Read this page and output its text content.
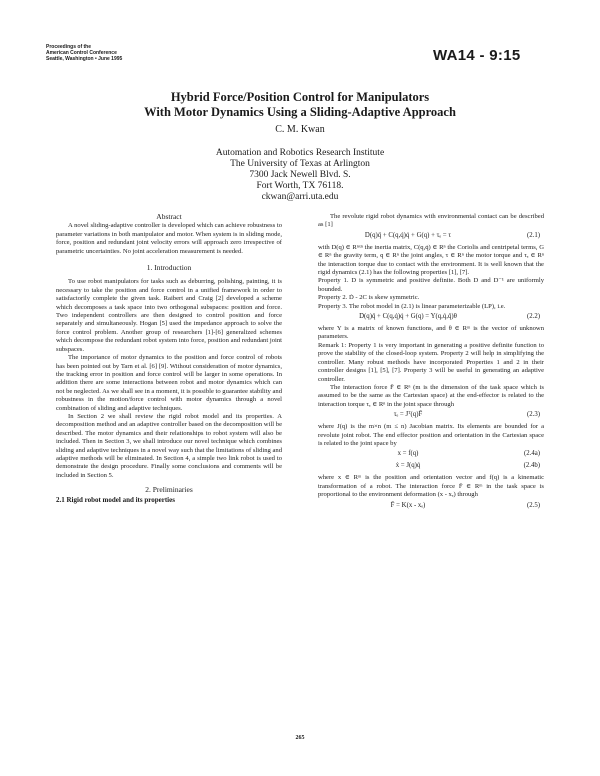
Proceedings of the
American Control Conference
Seattle, Washington • June 1995	WA14 - 9:15
Hybrid Force/Position Control for Manipulators
With Motor Dynamics Using a Sliding-Adaptive Approach
C. M. Kwan
Automation and Robotics Research Institute
The University of Texas at Arlington
7300 Jack Newell Blvd. S.
Fort Worth, TX 76118.
ckwan@arri.uta.edu
Abstract

A novel sliding-adaptive controller is developed which can achieve robustness to parameter variations in both manipulator and motor. When system is in sliding mode, force, position and redundant joint velocity errors will approach zero irrespective of parametric uncertainties. No joint acceleration measurement is needed.

1. Introduction

To use robot manipulators for tasks such as deburring, polishing, painting, it is necessary to take the position and force control in a unified framework in order to satisfactorily complete the given task. Raibert and Craig [2] developed a scheme which decomposes a task space into two orthogonal subspaces: position and force. Two independent controllers are then designed to control position and force separately and simultaneously. Hogan [5] used the impedance approach to solve the force control problem. Another group of researchers [1]-[6] generalized schemes which decompose the redundant robot system into force, position and redundant joint subspaces.

The importance of motor dynamics to the position and force control of robots has been pointed out by Tarn et al. [6] [9]. Without consideration of motor dynamics, the tracking error in position and force control will be larger in some operations. In addition there are some interactions between robot and motor dynamics which can not be neglected. As we shall see in a moment, it is possible to guarantee stability and robustness in the motion/force control with motor dynamics through a novel combination of sliding and adaptive techniques.

In Section 2 we shall review the rigid robot model and its properties. A decomposition method and an adaptive controller based on the decomposition will be described. The motor dynamics and their relationships to robot system will also be included. Then in Section 3, we shall introduce our novel technique which combines sliding and adaptive techniques in a novel way such that the limitations of sliding and adaptive methods will be eliminated. In Section 4, a simple two link robot is used to demonstrate the design procedure. Finally some conclusions and comments will be included in Section 5.

2. Preliminaries
2.1 Rigid robot model and its properties

The revolute rigid robot dynamics with environmental contact can be described as [1]

D(q)q̈ + C(q,q̇)q̇ + G(q) + τₑ = τ	(2.1)

with D(q) ∈ Rⁿˣⁿ the inertia matrix, C(q,q̇) ∈ Rⁿ the Coriolis and centripetal terms, G ∈ Rⁿ the gravity term, q ∈ Rⁿ the joint angles, τ ∈ Rⁿ the motor torque and τₑ ∈ Rⁿ the interaction torque due to contact with the environment. It is well known that the rigid dynamics (2.1) has the following properties [1], [7].

Property 1. D is symmetric and positive definite. Both D and D⁻¹ are uniformly bounded.

Property 2. Ḋ - 2C is skew symmetric.

Property 3. The robot model in (2.1) is linear parameterizable (LP), i.e.

D(q)q̈ + C(q,q̇)q̇ + G(q) = Y(q,q̇,q̈)θ	(2.2)

where Y is a matrix of known functions, and θ ∈ Rᵐ is the vector of unknown parameters.

Remark 1: Property 1 is very important in generating a positive definite function to prove the stability of the closed-loop system. Property 2 will help in simplifying the controller. Many robust methods have incorporated Properties 1 and 2 in their controller designs [1], [5], [7]. Property 3 will be useful in generating an adaptive controller.

The interaction force F̄ ∈ Rⁿ (m is the dimension of the task space which is assumed to be the same as the Cartesian space) at the end-effector is related to the interaction torque τₑ ∈ Rⁿ in the joint space through

τₑ = Jᵀ(q)F̄	(2.3)

where J(q) is the m×n (m ≤ n) Jacobian matrix. Its elements are bounded for a revolute joint robot. The end effector position and orientation in the Cartesian space is related to the joint space by

x = f(q)	(2.4a)
ẋ = J(q)q̇	(2.4b)

where x ∈ Rᵐ is the position and orientation vector and f(q) is a kinematic transformation of a robot. The interaction force F̄ ∈ Rᵐ in the task space is proportional to the environment deformation (x - xₑ) through

F̄ = K(x - xₑ)	(2.5)
265
